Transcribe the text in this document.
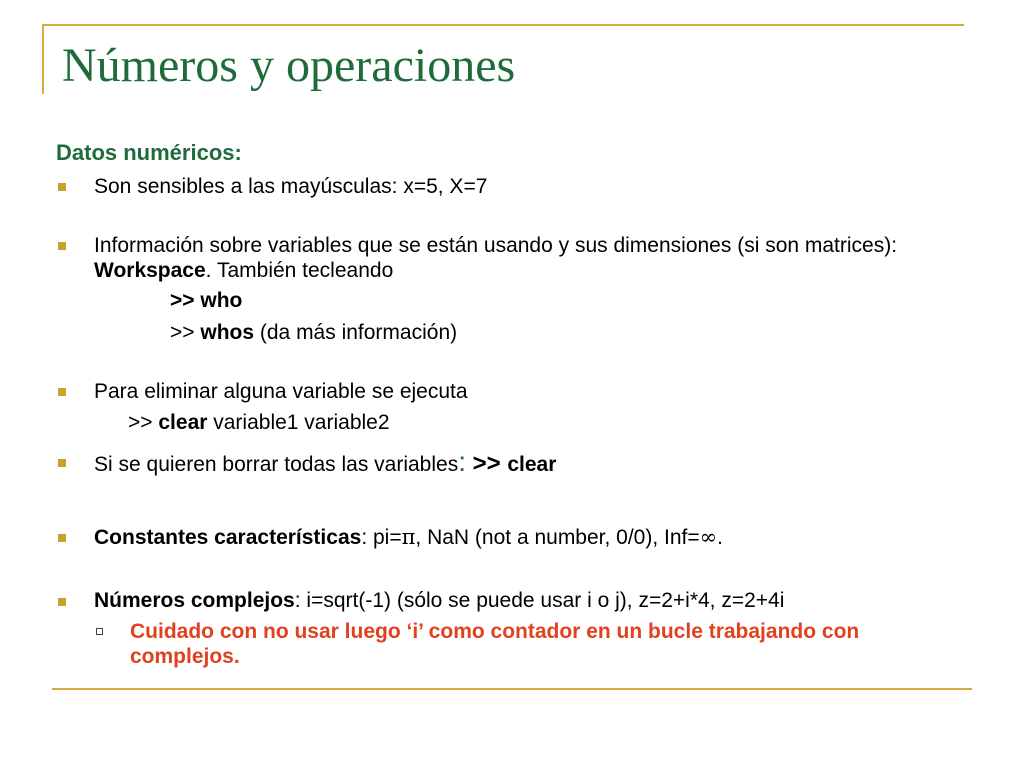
Números y operaciones
Datos numéricos:
Son sensibles a las mayúsculas: x=5, X=7
Información sobre variables que se están usando y sus dimensiones (si son matrices): Workspace. También tecleando
>> who
>> whos (da más información)
Para eliminar alguna variable se ejecuta
>> clear variable1 variable2
Si se quieren borrar todas las variables: >> clear
Constantes características: pi=π, NaN (not a number, 0/0), Inf=∞.
Números complejos: i=sqrt(-1) (sólo se puede usar i o j), z=2+i*4, z=2+4i
Cuidado con no usar luego ‘i’ como contador en un bucle trabajando con complejos.
